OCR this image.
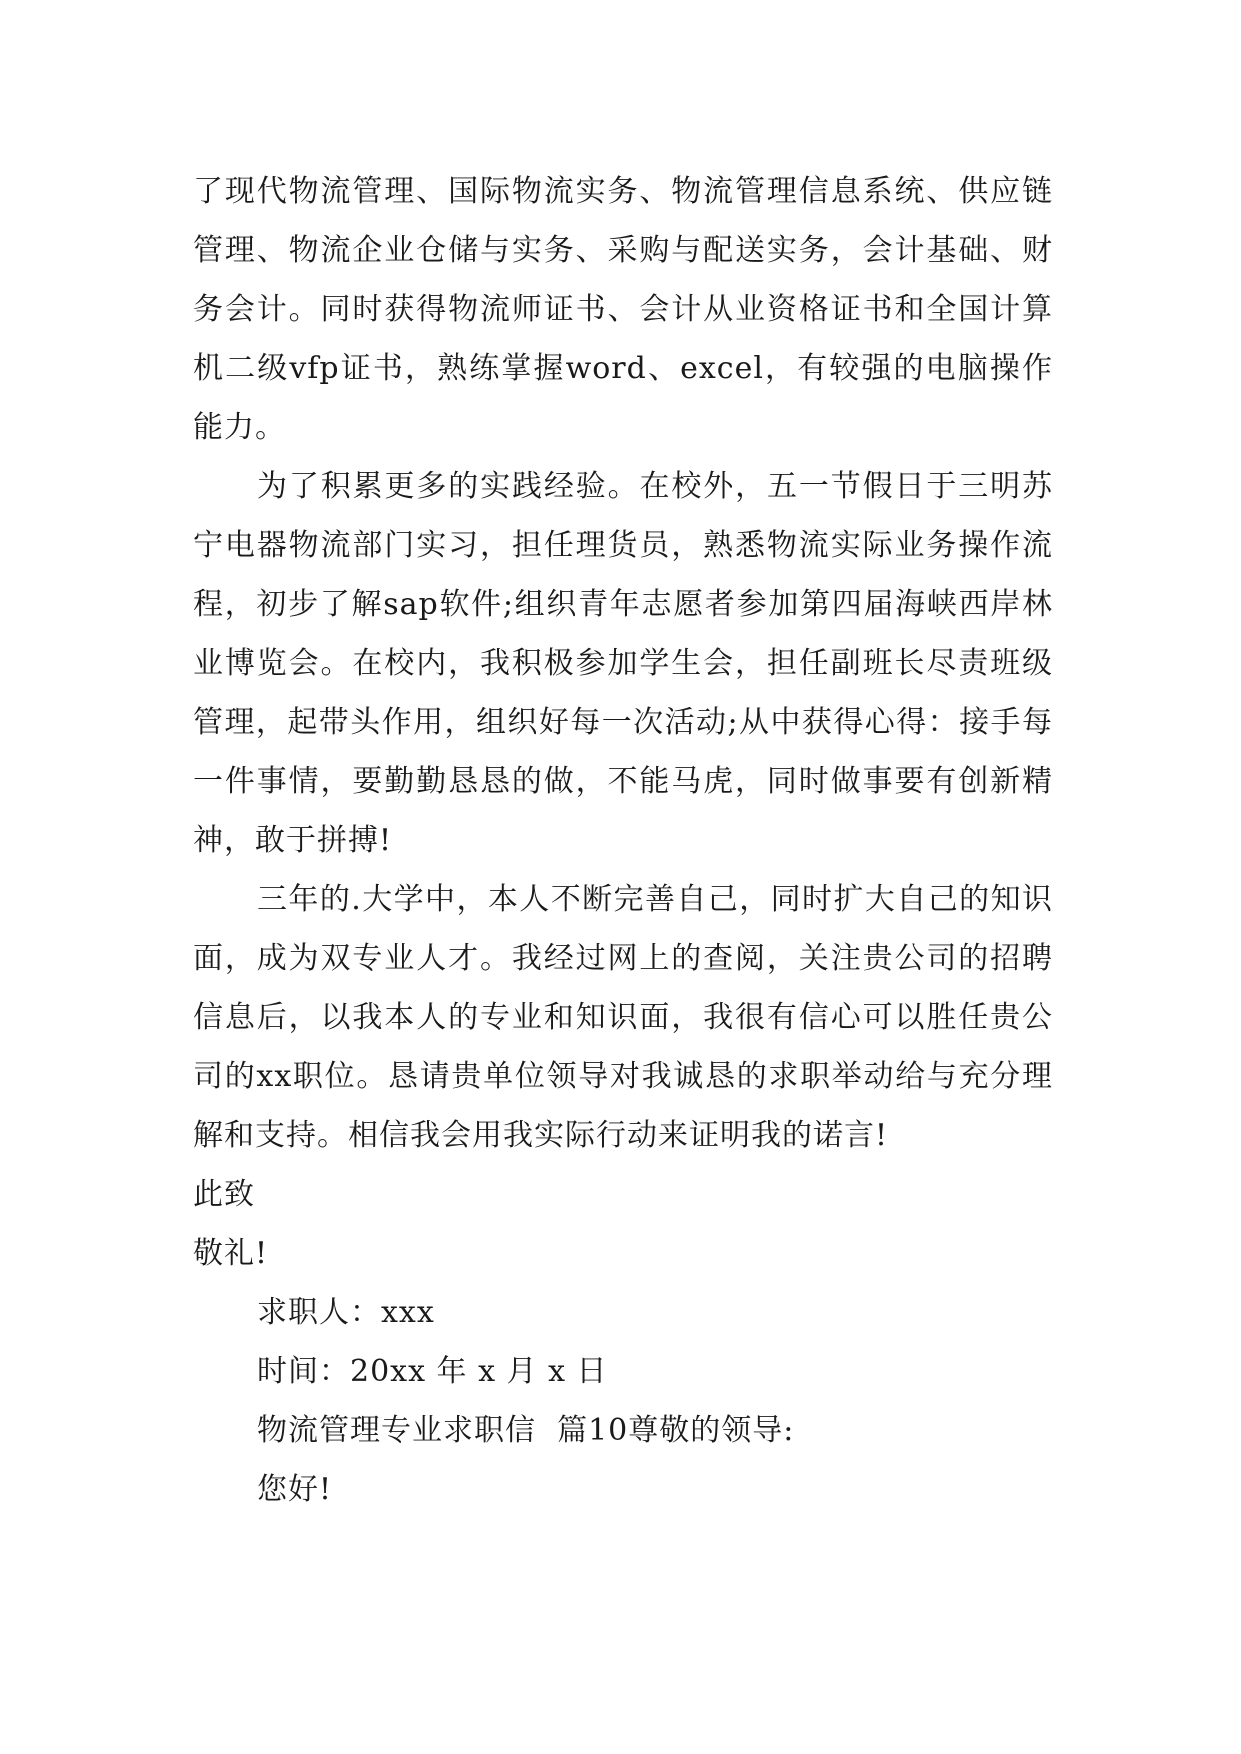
了现代物流管理、国际物流实务、物流管理信息系统、供应链管理、物流企业仓储与实务、采购与配送实务，会计基础、财务会计。同时获得物流师证书、会计从业资格证书和全国计算机二级vfp证书，熟练掌握word、excel，有较强的电脑操作能力。

为了积累更多的实践经验。在校外，五一节假日于三明苏宁电器物流部门实习，担任理货员，熟悉物流实际业务操作流程，初步了解sap软件;组织青年志愿者参加第四届海峡西岸林业博览会。在校内，我积极参加学生会，担任副班长尽责班级管理，起带头作用，组织好每一次活动;从中获得心得：接手每一件事情，要勤勤恳恳的做，不能马虎，同时做事要有创新精神，敢于拼搏!

三年的.大学中，本人不断完善自己，同时扩大自己的知识面，成为双专业人才。我经过网上的查阅，关注贵公司的招聘信息后，以我本人的专业和知识面，我很有信心可以胜任贵公司的xx职位。恳请贵单位领导对我诚恳的求职举动给与充分理解和支持。相信我会用我实际行动来证明我的诺言!

此致

敬礼!

求职人：xxx

时间：20xx 年 x 月 x 日

物流管理专业求职信  篇10尊敬的领导:

您好!
